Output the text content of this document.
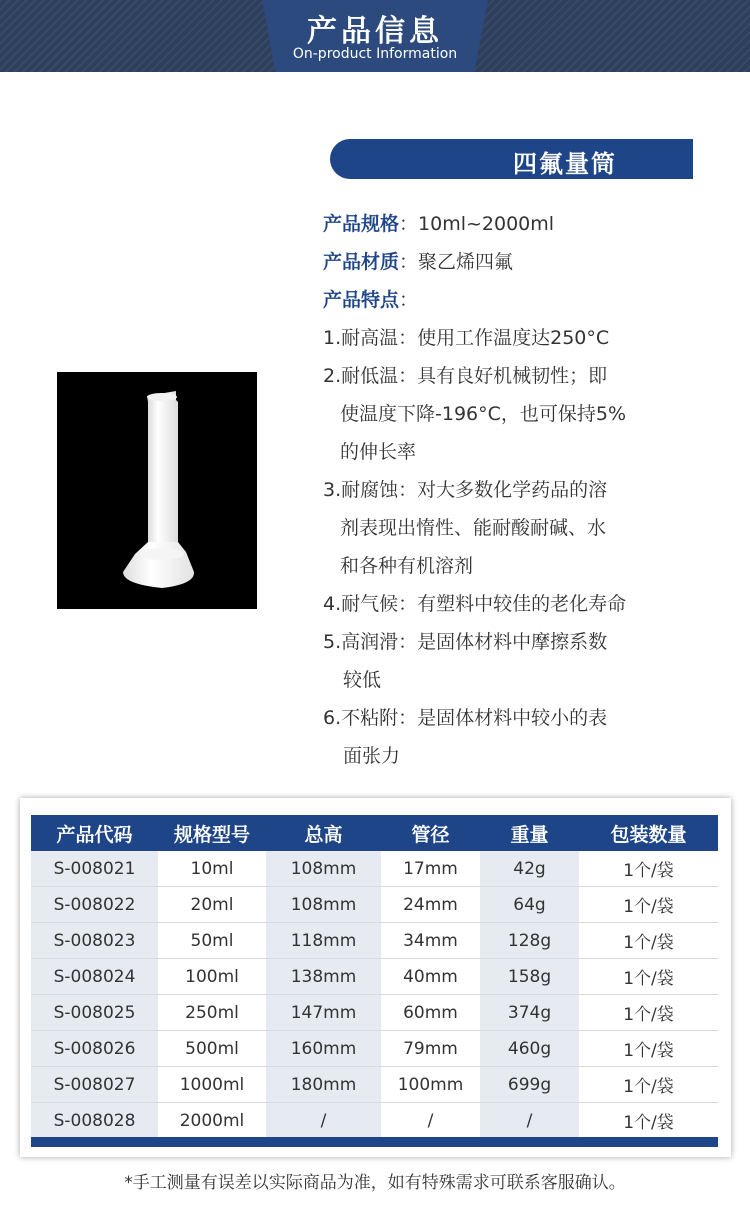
产品信息
On-product Information
四氟量筒
产品规格：10ml~2000ml
产品材质：聚乙烯四氟
产品特点：
1.耐高温：使用工作温度达250°C
2.耐低温：具有良好机械韧性；即
使温度下降-196°C，也可保持5%
的伸长率
3.耐腐蚀：对大多数化学药品的溶
剂表现出惰性、能耐酸耐碱、水
和各种有机溶剂
4.耐气候：有塑料中较佳的老化寿命
5.高润滑：是固体材料中摩擦系数
较低
6.不粘附：是固体材料中较小的表
面张力
产品代码	规格型号	总高	管径	重量	包装数量
S-008021	10ml	108mm	17mm	42g	1个/袋
S-008022	20ml	108mm	24mm	64g	1个/袋
S-008023	50ml	118mm	34mm	128g	1个/袋
S-008024	100ml	138mm	40mm	158g	1个/袋
S-008025	250ml	147mm	60mm	374g	1个/袋
S-008026	500ml	160mm	79mm	460g	1个/袋
S-008027	1000ml	180mm	100mm	699g	1个/袋
S-008028	2000ml	/	/	/	1个/袋
*手工测量有误差以实际商品为准，如有特殊需求可联系客服确认。
